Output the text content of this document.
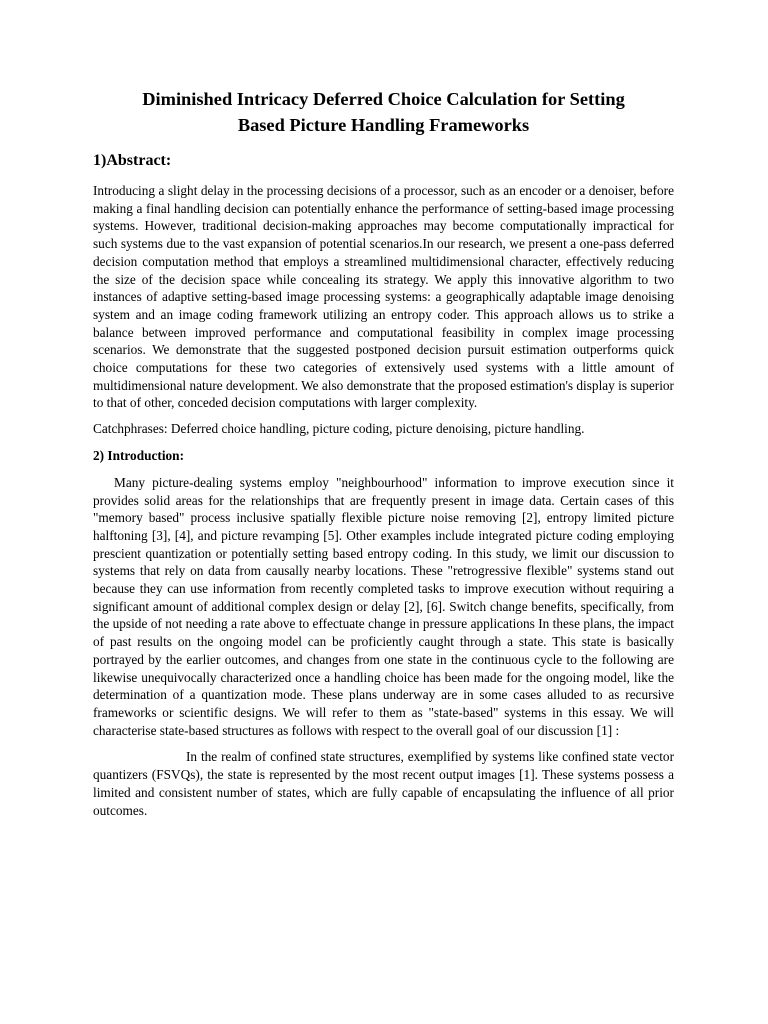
Diminished Intricacy Deferred Choice Calculation for Setting
Based Picture Handling Frameworks
1)Abstract:

Introducing a slight delay in the processing decisions of a processor, such as an encoder or a denoiser, before making a final handling decision can potentially enhance the performance of setting-based image processing systems. However, traditional decision-making approaches may become computationally impractical for such systems due to the vast expansion of potential scenarios.In our research, we present a one-pass deferred decision computation method that employs a streamlined multidimensional character, effectively reducing the size of the decision space while concealing its strategy. We apply this innovative algorithm to two instances of adaptive setting-based image processing systems: a geographically adaptable image denoising system and an image coding framework utilizing an entropy coder. This approach allows us to strike a balance between improved performance and computational feasibility in complex image processing scenarios. We demonstrate that the suggested postponed decision pursuit estimation outperforms quick choice computations for these two categories of extensively used systems with a little amount of multidimensional nature development. We also demonstrate that the proposed estimation's display is superior to that of other, conceded decision computations with larger complexity.

Catchphrases: Deferred choice handling, picture coding, picture denoising, picture handling.

2) Introduction:

Many picture-dealing systems employ "neighbourhood" information to improve execution since it provides solid areas for the relationships that are frequently present in image data. Certain cases of this "memory based" process inclusive spatially flexible picture noise removing [2], entropy limited picture halftoning [3], [4], and picture revamping [5]. Other examples include integrated picture coding employing prescient quantization or potentially setting based entropy coding. In this study, we limit our discussion to systems that rely on data from causally nearby locations. These "retrogressive flexible" systems stand out because they can use information from recently completed tasks to improve execution without requiring a significant amount of additional complex design or delay [2], [6]. Switch change benefits, specifically, from the upside of not needing a rate above to effectuate change in pressure applications In these plans, the impact of past results on the ongoing model can be proficiently caught through a state. This state is basically portrayed by the earlier outcomes, and changes from one state in the continuous cycle to the following are likewise unequivocally characterized once a handling choice has been made for the ongoing model, like the determination of a quantization mode. These plans underway are in some cases alluded to as recursive frameworks or scientific designs. We will refer to them as "state-based" systems in this essay. We will characterise state-based structures as follows with respect to the overall goal of our discussion [1] :

In the realm of confined state structures, exemplified by systems like confined state vector quantizers (FSVQs), the state is represented by the most recent output images [1]. These systems possess a limited and consistent number of states, which are fully capable of encapsulating the influence of all prior outcomes.
